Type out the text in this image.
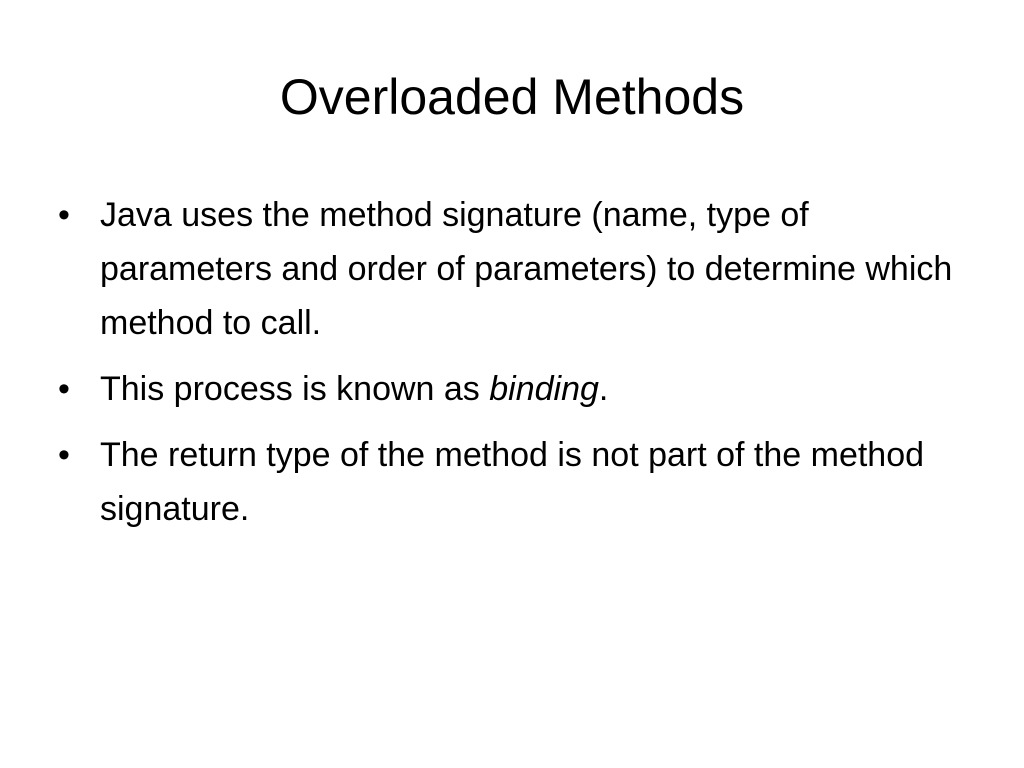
Overloaded Methods
• Java uses the method signature (name, type of parameters and order of parameters) to determine which method to call.
• This process is known as binding.
• The return type of the method is not part of the method signature.
